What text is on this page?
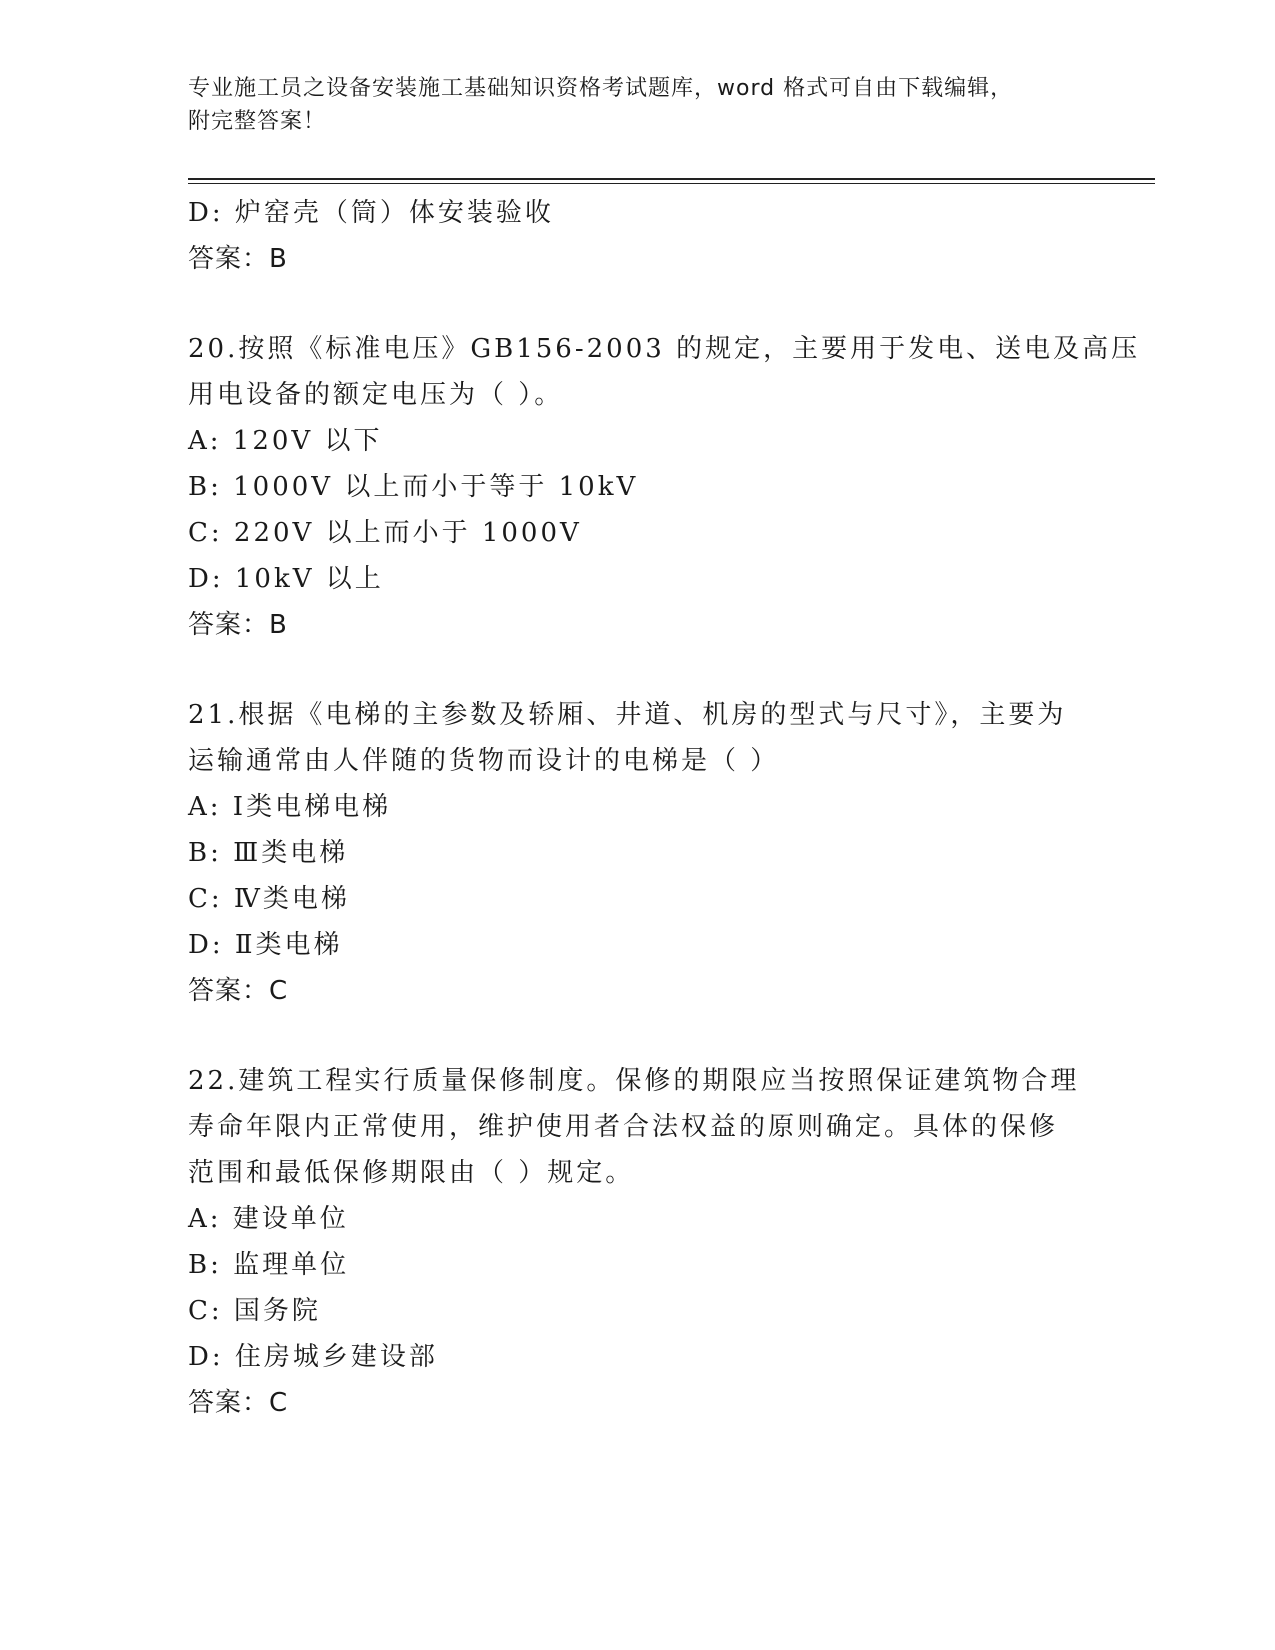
专业施工员之设备安装施工基础知识资格考试题库，word 格式可自由下载编辑，
附完整答案！
D: 炉窑壳（筒）体安装验收
答案：B
20.按照《标准电压》GB156-2003 的规定，主要用于发电、送电及高压
用电设备的额定电压为（ ）。
A: 120V 以下
B: 1000V 以上而小于等于 10kV
C: 220V 以上而小于 1000V
D: 10kV 以上
答案：B
21.根据《电梯的主参数及轿厢、井道、机房的型式与尺寸》，主要为
运输通常由人伴随的货物而设计的电梯是（ ）
A: Ⅰ类电梯电梯
B: Ⅲ类电梯
C: Ⅳ类电梯
D: Ⅱ类电梯
答案：C
22.建筑工程实行质量保修制度。保修的期限应当按照保证建筑物合理
寿命年限内正常使用，维护使用者合法权益的原则确定。具体的保修
范围和最低保修期限由（ ）规定。
A: 建设单位
B: 监理单位
C: 国务院
D: 住房城乡建设部
答案：C
